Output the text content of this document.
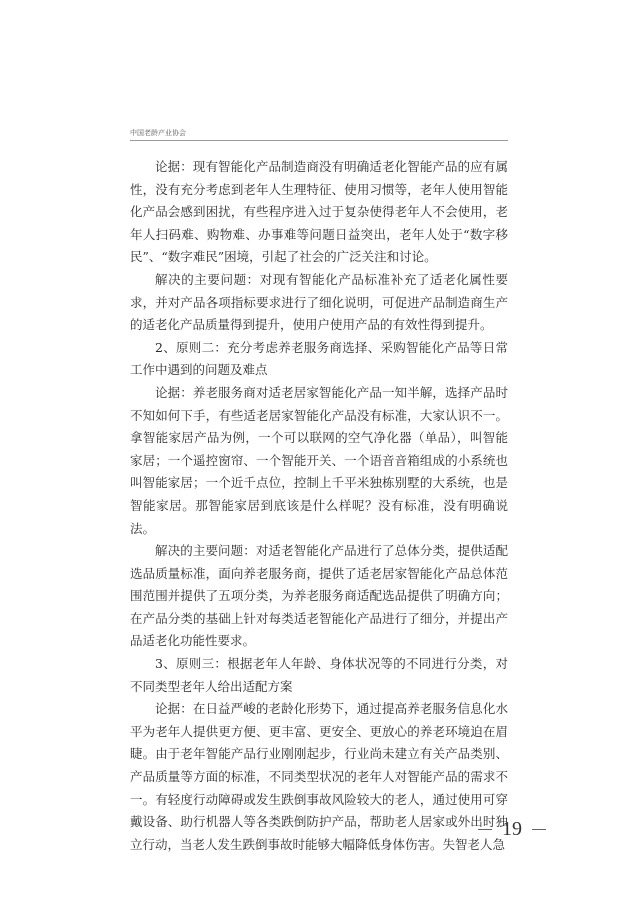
中国老龄产业协会

论据：现有智能化产品制造商没有明确适老化智能产品的应有属性，没有充分考虑到老年人生理特征、使用习惯等，老年人使用智能化产品会感到困扰，有些程序进入过于复杂使得老年人不会使用，老年人扫码难、购物难、办事难等问题日益突出，老年人处于“数字移民”、“数字难民”困境，引起了社会的广泛关注和讨论。

解决的主要问题：对现有智能化产品标准补充了适老化属性要求，并对产品各项指标要求进行了细化说明，可促进产品制造商生产的适老化产品质量得到提升，使用户使用产品的有效性得到提升。

2、原则二：充分考虑养老服务商选择、采购智能化产品等日常工作中遇到的问题及难点

论据：养老服务商对适老居家智能化产品一知半解，选择产品时不知如何下手，有些适老居家智能化产品没有标准，大家认识不一。拿智能家居产品为例，一个可以联网的空气净化器（单品），叫智能家居；一个遥控窗帘、一个智能开关、一个语音音箱组成的小系统也叫智能家居；一个近千点位，控制上千平米独栋别墅的大系统，也是智能家居。那智能家居到底该是什么样呢？没有标准，没有明确说法。

解决的主要问题：对适老智能化产品进行了总体分类，提供适配选品质量标准，面向养老服务商，提供了适老居家智能化产品总体范围范围并提供了五项分类，为养老服务商适配选品提供了明确方向；在产品分类的基础上针对每类适老智能化产品进行了细分，并提出产品适老化功能性要求。

3、原则三：根据老年人年龄、身体状况等的不同进行分类，对不同类型老年人给出适配方案

论据：在日益严峻的老龄化形势下，通过提高养老服务信息化水平为老年人提供更方便、更丰富、更安全、更放心的养老环境迫在眉睫。由于老年智能产品行业刚刚起步，行业尚未建立有关产品类别、产品质量等方面的标准，不同类型状况的老年人对智能产品的需求不一。有轻度行动障碍或发生跌倒事故风险较大的老人，通过使用可穿戴设备、助行机器人等各类跌倒防护产品，帮助老人居家或外出时独立行动，当老人发生跌倒事故时能够大幅降低身体伤害。失智老人急

19
